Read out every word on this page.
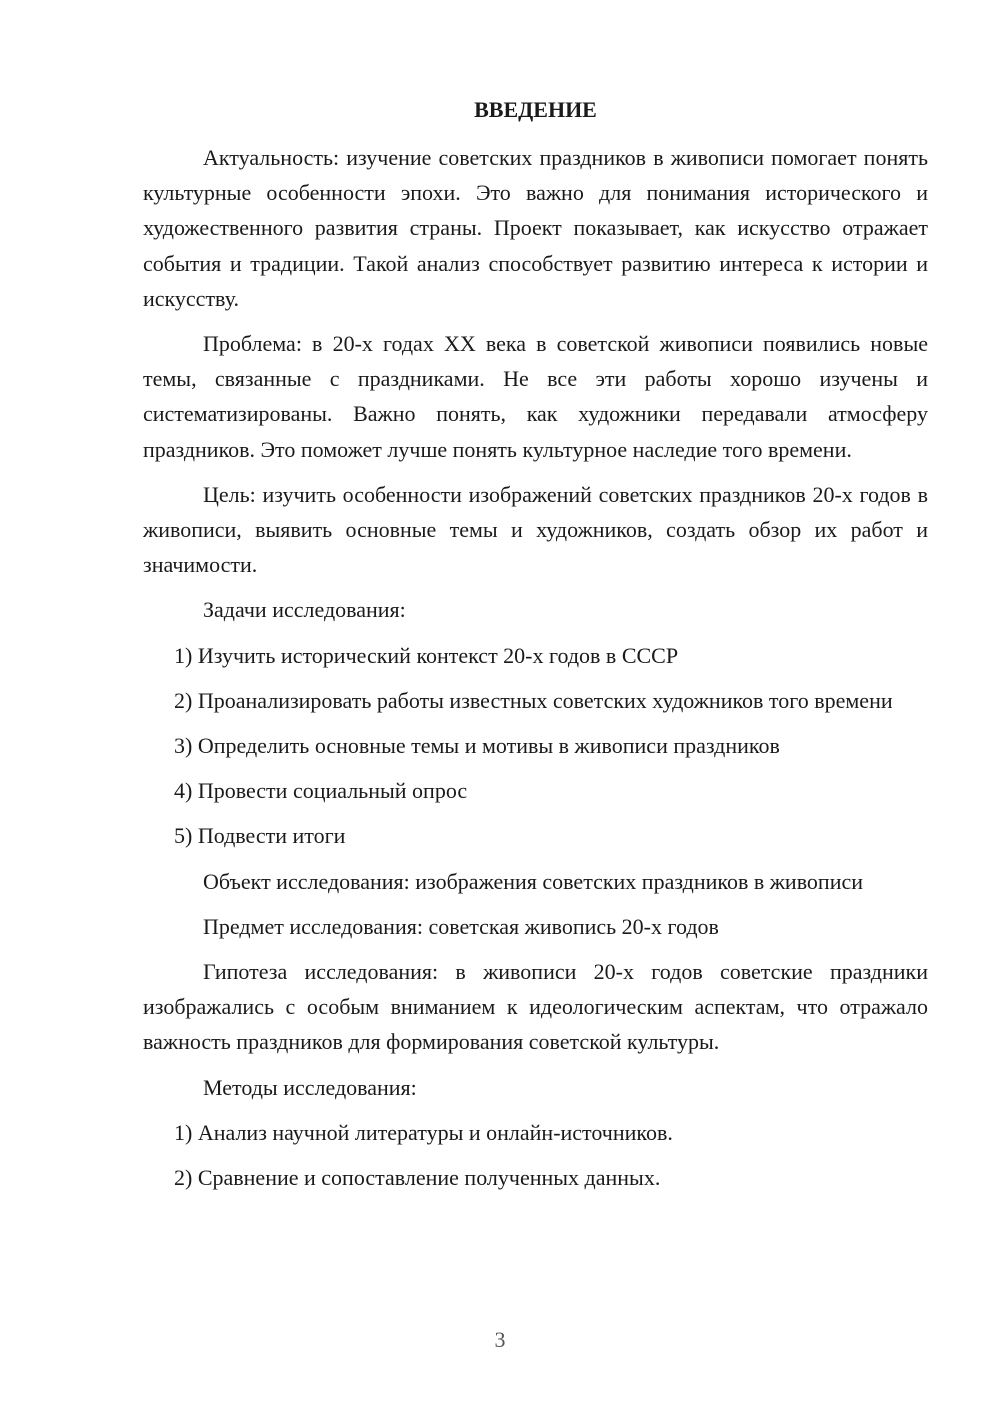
ВВЕДЕНИЕ

Актуальность: изучение советских праздников в живописи помогает понять культурные особенности эпохи. Это важно для понимания исторического и художественного развития страны. Проект показывает, как искусство отражает события и традиции. Такой анализ способствует развитию интереса к истории и искусству.

Проблема: в 20-х годах XX века в советской живописи появились новые темы, связанные с праздниками. Не все эти работы хорошо изучены и систематизированы. Важно понять, как художники передавали атмосферу праздников. Это поможет лучше понять культурное наследие того времени.

Цель: изучить особенности изображений советских праздников 20-х годов в живописи, выявить основные темы и художников, создать обзор их работ и значимости.

Задачи исследования:

1) Изучить исторический контекст 20-х годов в СССР

2) Проанализировать работы известных советских художников того времени

3) Определить основные темы и мотивы в живописи праздников

4) Провести социальный опрос

5) Подвести итоги

Объект исследования: изображения советских праздников в живописи

Предмет исследования: советская живопись 20-х годов

Гипотеза исследования: в живописи 20-х годов советские праздники изображались с особым вниманием к идеологическим аспектам, что отражало важность праздников для формирования советской культуры.

Методы исследования:

1) Анализ научной литературы и онлайн-источников.

2) Сравнение и сопоставление полученных данных.

3
